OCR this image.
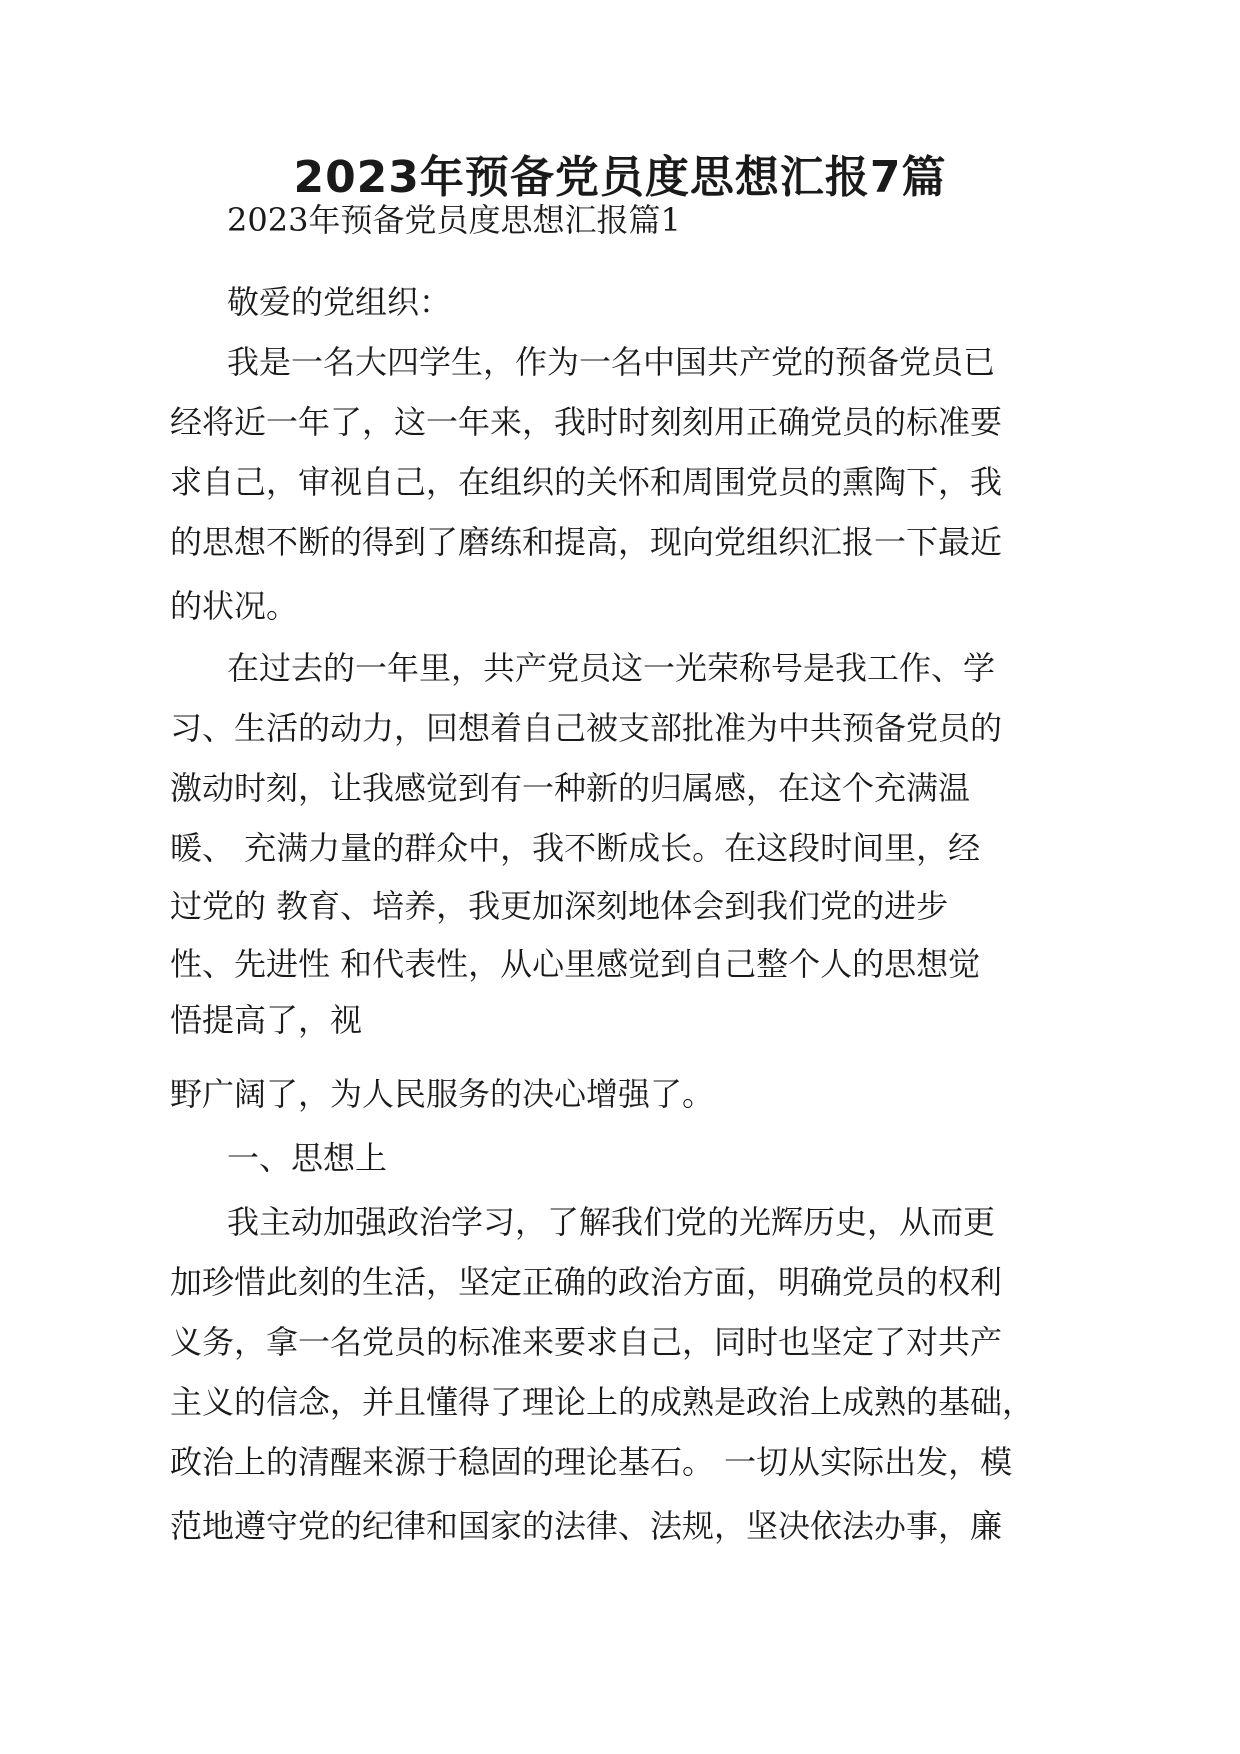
2023年预备党员度思想汇报7篇
2023年预备党员度思想汇报篇1
敬爱的党组织：
我是一名大四学生，作为一名中国共产党的预备党员已
经将近一年了，这一年来，我时时刻刻用正确党员的标准要
求自己，审视自己，在组织的关怀和周围党员的熏陶下，我
的思想不断的得到了磨练和提高，现向党组织汇报一下最近
的状况。
在过去的一年里，共产党员这一光荣称号是我工作、学
习、生活的动力，回想着自己被支部批准为中共预备党员的
激动时刻，让我感觉到有一种新的归属感，在这个充满温
暖、 充满力量的群众中，我不断成长。在这段时间里，经
过党的 教育、培养，我更加深刻地体会到我们党的进步
性、先进性 和代表性，从心里感觉到自己整个人的思想觉
悟提高了，视
野广阔了，为人民服务的决心增强了。
一、思想上
我主动加强政治学习，了解我们党的光辉历史，从而更
加珍惜此刻的生活，坚定正确的政治方面，明确党员的权利
义务，拿一名党员的标准来要求自己，同时也坚定了对共产
主义的信念，并且懂得了理论上的成熟是政治上成熟的基础，
政治上的清醒来源于稳固的理论基石。 一切从实际出发，模
范地遵守党的纪律和国家的法律、法规，坚决依法办事，廉
